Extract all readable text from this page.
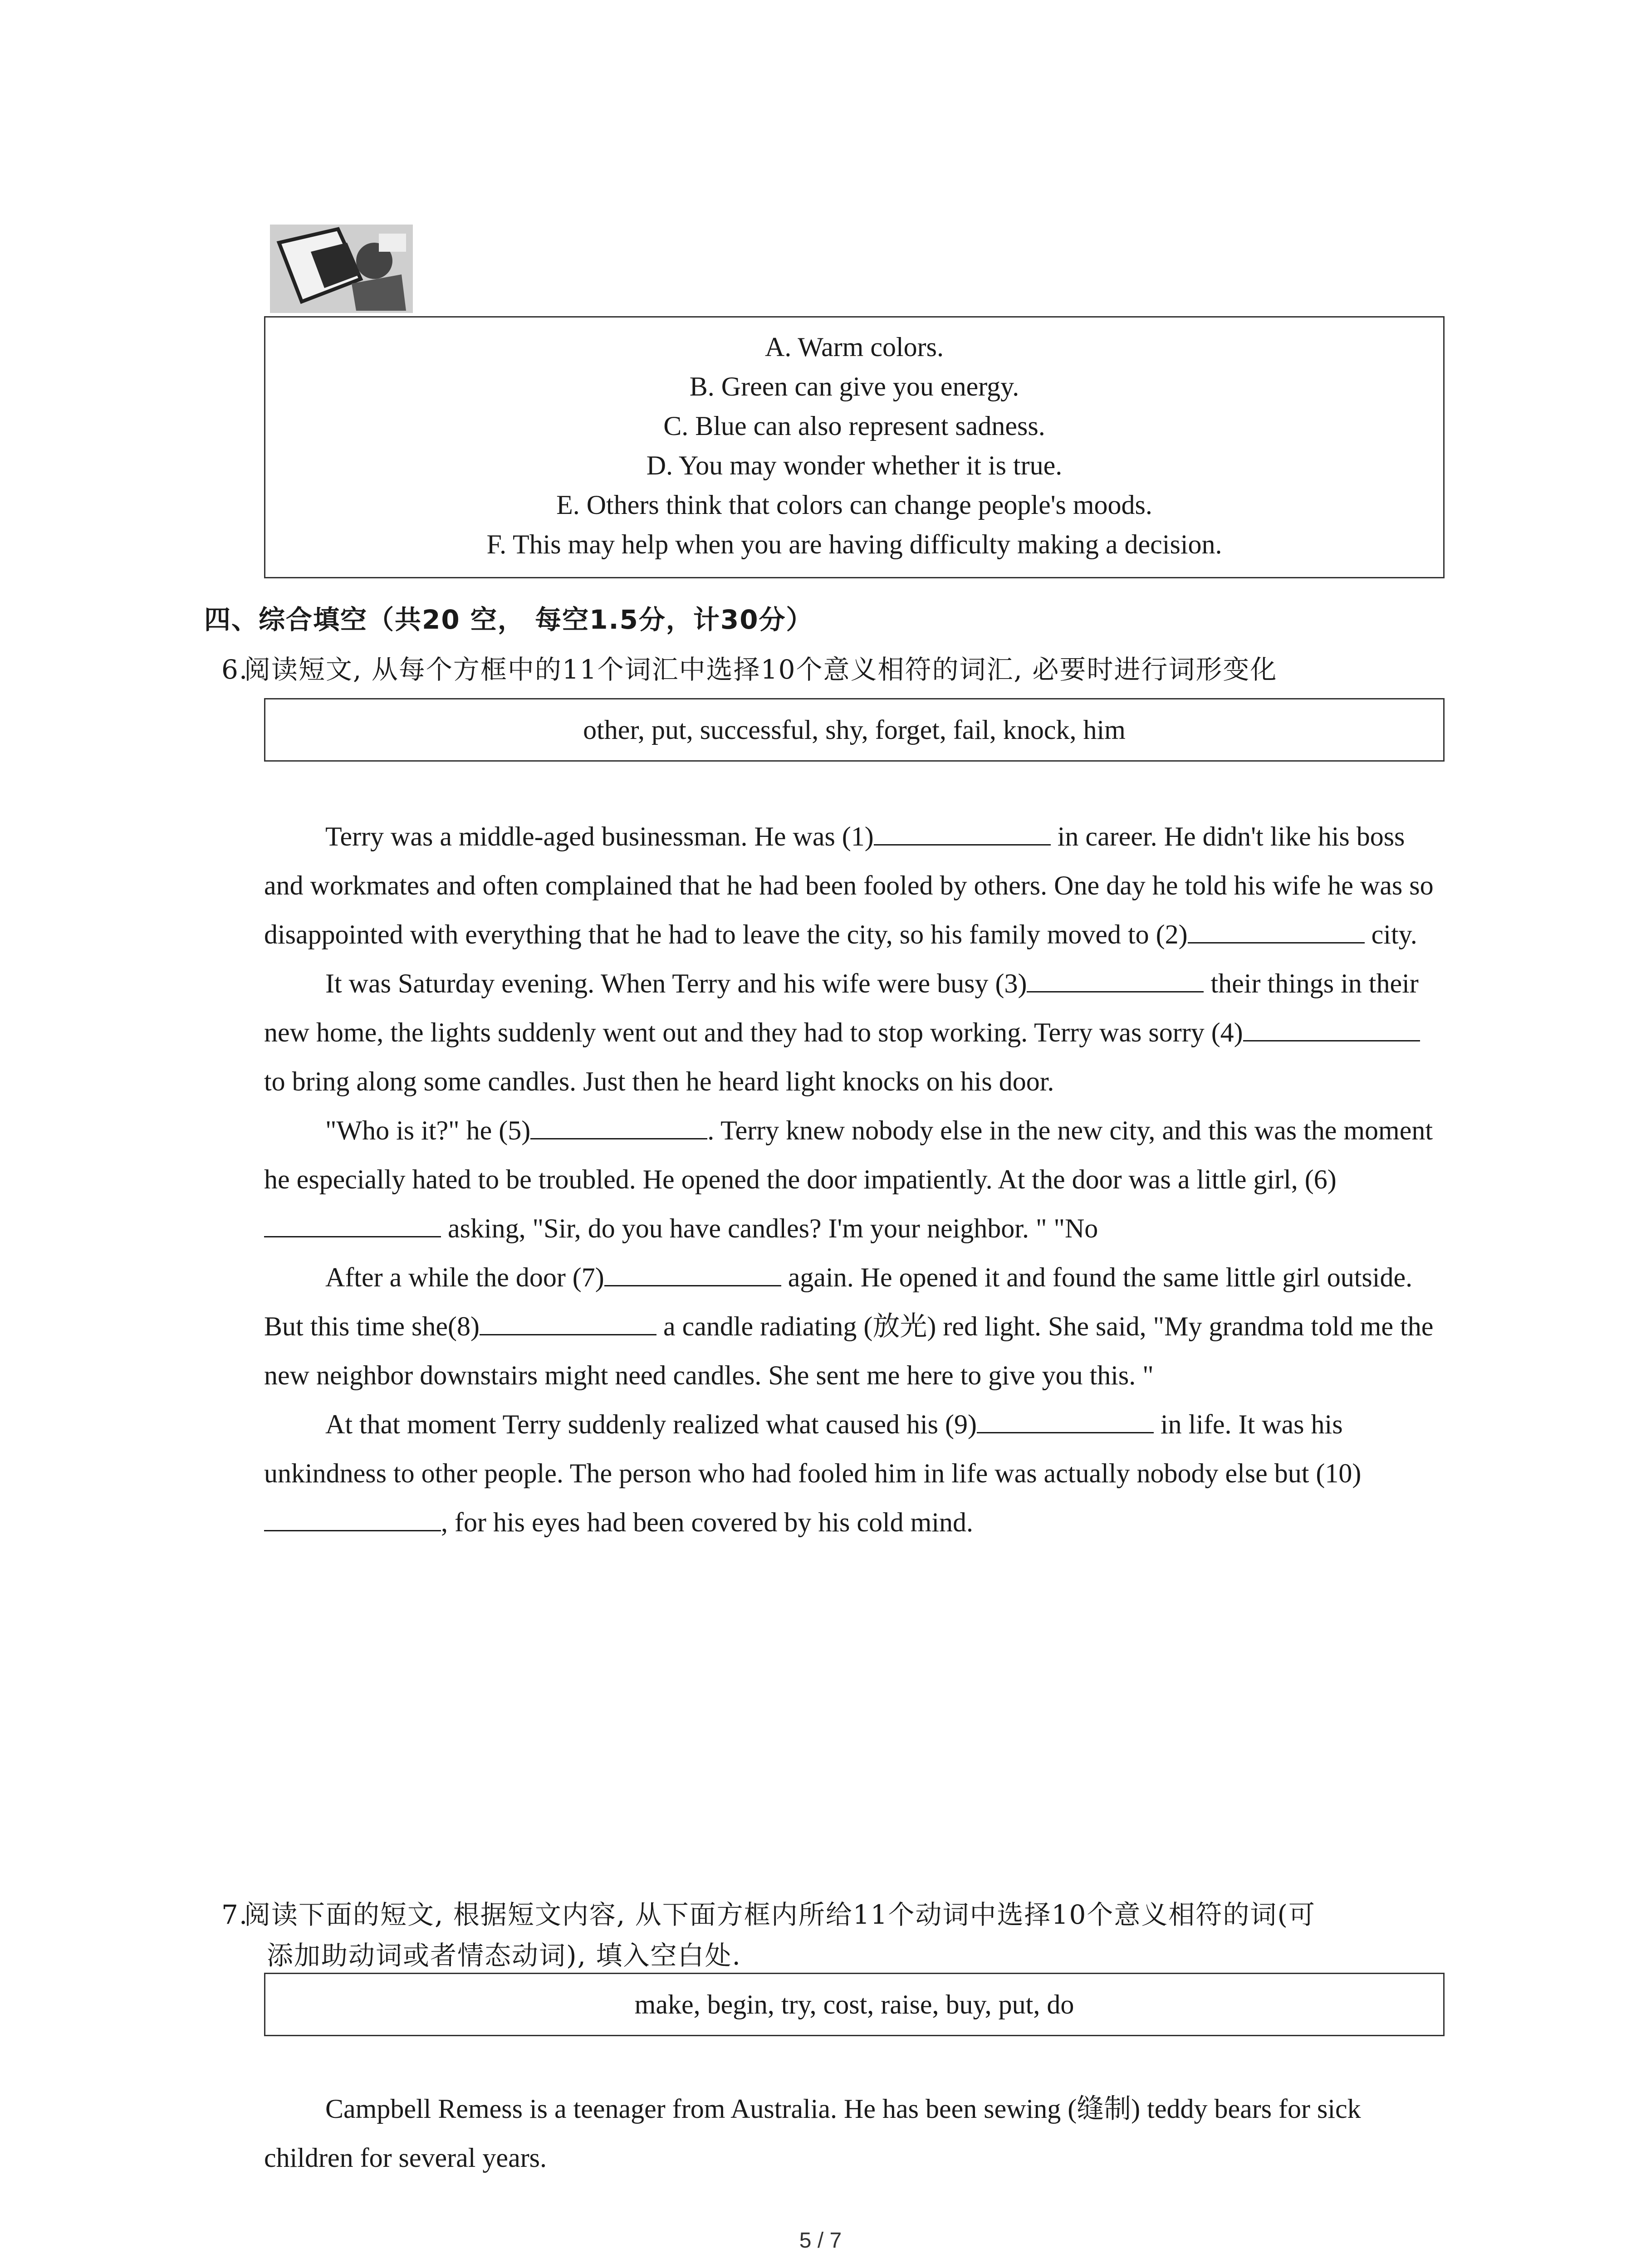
A. Warm colors.
B. Green can give you energy.
C. Blue can also represent sadness.
D. You may wonder whether it is true.
E. Others think that colors can change people's moods.
F. This may help when you are having difficulty making a decision.
四、综合填空（共20 空， 每空1.5分，计30分）
6.
阅读短文, 从每个方框中的11个词汇中选择10个意义相符的词汇, 必要时进行词形变化
other, put, successful, shy, forget, fail, knock, him

Terry was a middle-aged businessman. He was (1)	in career. He didn't like his boss and workmates and often complained that he had been fooled by others. One day he told his wife he was so disappointed with everything that he had to leave the city, so his family moved to (2)	city.

It was Saturday evening. When Terry and his wife were busy (3)	their things in their new home, the lights suddenly went out and they had to stop working. Terry was sorry (4) to bring along some candles. Just then he heard light knocks on his door.

"Who is it?" he (5)	. Terry knew nobody else in the new city, and this was the moment he especially hated to be troubled. He opened the door impatiently. At the door was a little girl, (6) asking, "Sir, do you have candles? I'm your neighbor. " "No

After a while the door (7)	again. He opened it and found the same little girl outside. But this time she(8)	a candle radiating (放光) red light. She said, "My grandma told me the new neighbor downstairs might need candles. She sent me here to give you this. "

At that moment Terry suddenly realized what caused his (9)	in life. It was his unkindness to other people. The person who had fooled him in life was actually nobody else but (10), for his eyes had been covered by his cold mind.

7.
阅读下面的短文, 根据短文内容, 从下面方框内所给11个动词中选择10个意义相符的词(可
添加助动词或者情态动词), 填入空白处.
make, begin, try, cost, raise, buy, put, do

Campbell Remess is a teenager from Australia. He has been sewing (缝制) teddy bears for sick children for several years.

5 / 7
